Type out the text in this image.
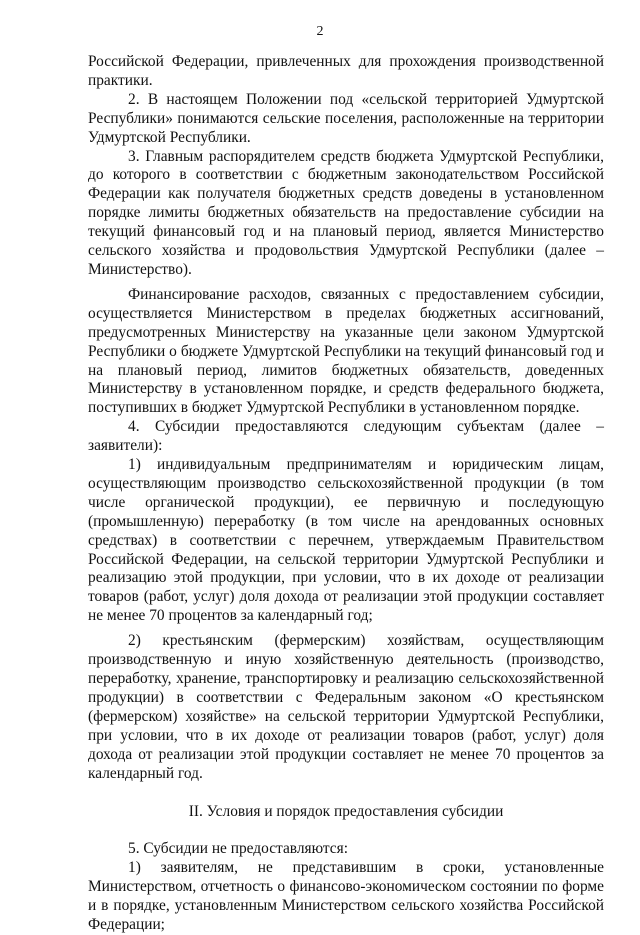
2

Российской Федерации, привлеченных для прохождения производственной практики.

2. В настоящем Положении под «сельской территорией Удмуртской Республики» понимаются сельские поселения, расположенные на территории Удмуртской Республики.

3. Главным распорядителем средств бюджета Удмуртской Республики, до которого в соответствии с бюджетным законодательством Российской Федерации как получателя бюджетных средств доведены в установленном порядке лимиты бюджетных обязательств на предоставление субсидии на текущий финансовый год и на плановый период, является Министерство сельского хозяйства и продовольствия Удмуртской Республики (далее – Министерство).

Финансирование расходов, связанных с предоставлением субсидии, осуществляется Министерством в пределах бюджетных ассигнований, предусмотренных Министерству на указанные цели законом Удмуртской Республики о бюджете Удмуртской Республики на текущий финансовый год и на плановый период, лимитов бюджетных обязательств, доведенных Министерству в установленном порядке, и средств федерального бюджета, поступивших в бюджет Удмуртской Республики в установленном порядке.

4. Субсидии предоставляются следующим субъектам (далее – заявители):

1) индивидуальным предпринимателям и юридическим лицам, осуществляющим производство сельскохозяйственной продукции (в том числе органической продукции), ее первичную и последующую (промышленную) переработку (в том числе на арендованных основных средствах) в соответствии с перечнем, утверждаемым Правительством Российской Федерации, на сельской территории Удмуртской Республики и реализацию этой продукции, при условии, что в их доходе от реализации товаров (работ, услуг) доля дохода от реализации этой продукции составляет не менее 70 процентов за календарный год;

2) крестьянским (фермерским) хозяйствам, осуществляющим производственную и иную хозяйственную деятельность (производство, переработку, хранение, транспортировку и реализацию сельскохозяйственной продукции) в соответствии с Федеральным законом «О крестьянском (фермерском) хозяйстве» на сельской территории Удмуртской Республики, при условии, что в их доходе от реализации товаров (работ, услуг) доля дохода от реализации этой продукции составляет не менее 70 процентов за календарный год.

II. Условия и порядок предоставления субсидии

5. Субсидии не предоставляются:

1) заявителям, не представившим в сроки, установленные Министерством, отчетность о финансово-экономическом состоянии по форме и в порядке, установленным Министерством сельского хозяйства Российской Федерации;
